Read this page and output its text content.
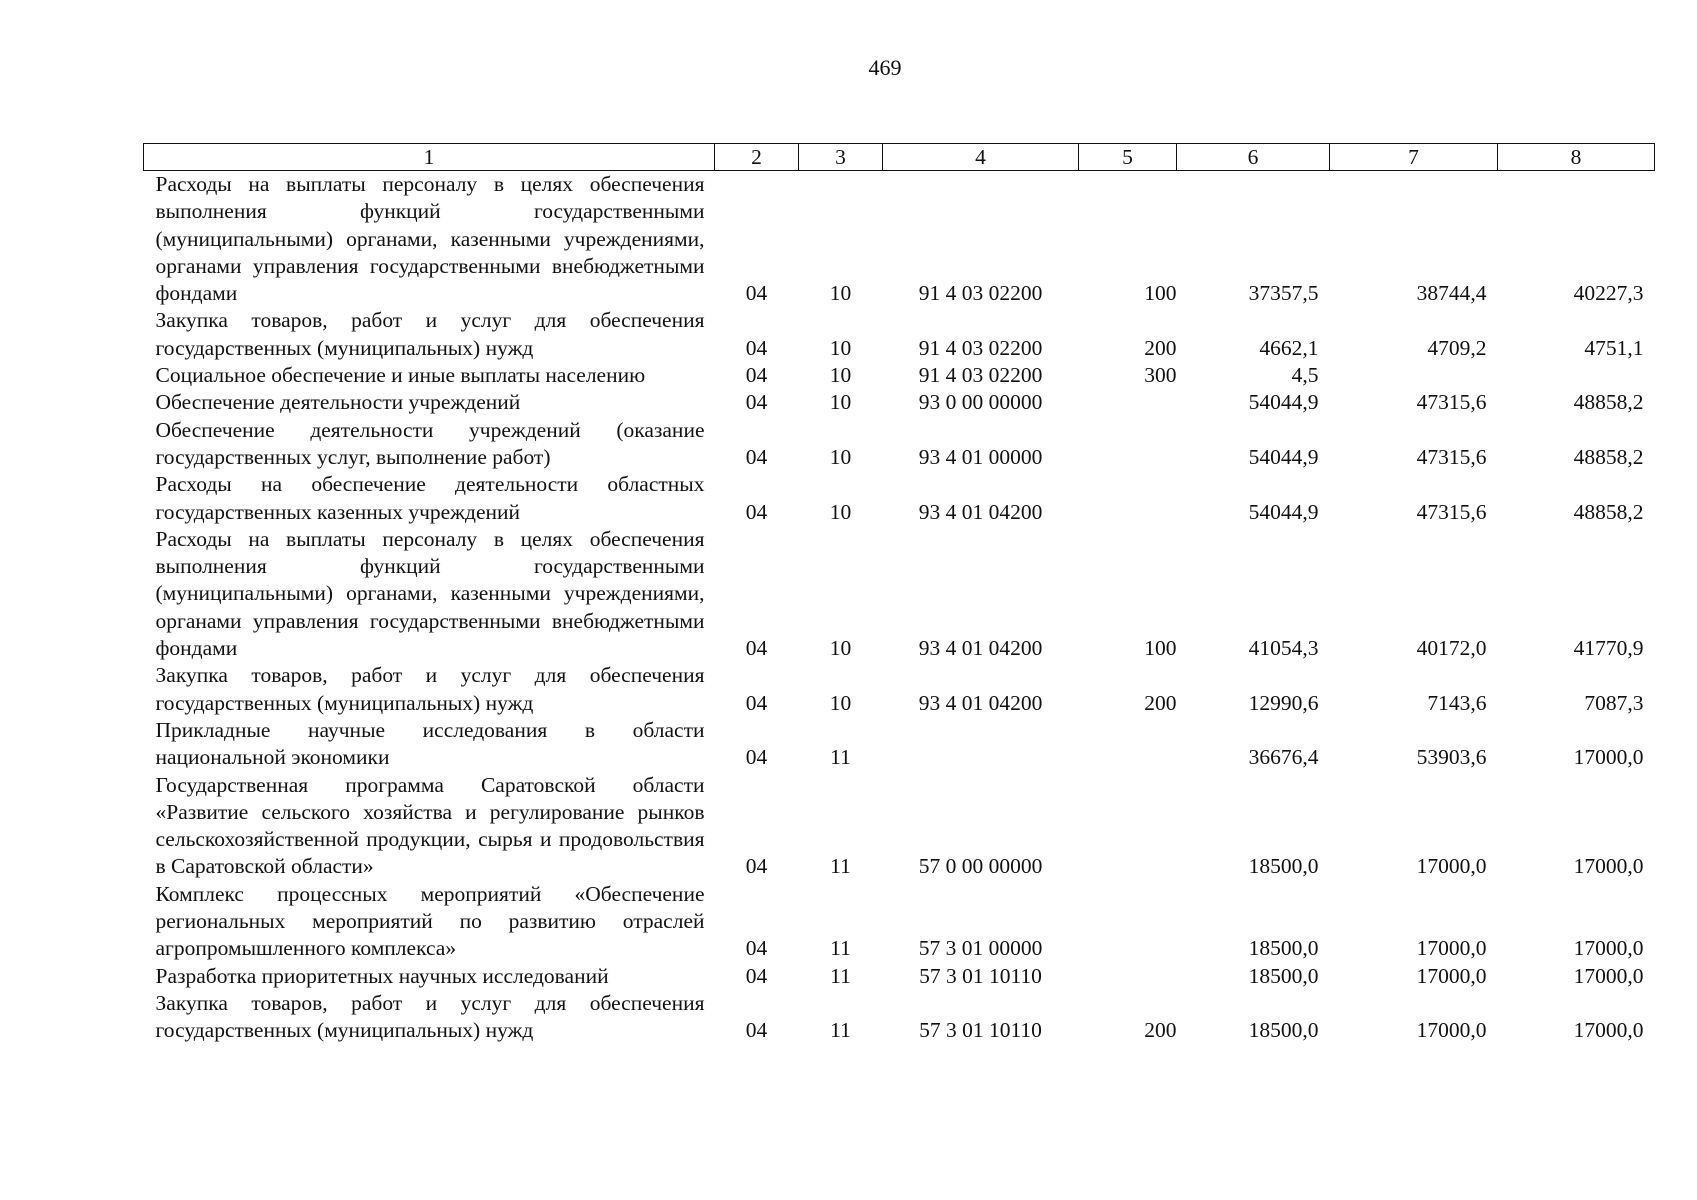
469
1	2	3	4	5	6	7	8
Расходы на выплаты персоналу в целях обеспечения выполнения функций государственными (муниципальными) органами, казенными учреждениями, органами управления государственными внебюджетными фондами	04	10	91 4 03 02200	100	37357,5	38744,4	40227,3
Закупка товаров, работ и услуг для обеспечения государственных (муниципальных) нужд	04	10	91 4 03 02200	200	4662,1	4709,2	4751,1
Социальное обеспечение и иные выплаты населению	04	10	91 4 03 02200	300	4,5		
Обеспечение деятельности учреждений	04	10	93 0 00 00000		54044,9	47315,6	48858,2
Обеспечение деятельности учреждений (оказание государственных услуг, выполнение работ)	04	10	93 4 01 00000		54044,9	47315,6	48858,2
Расходы на обеспечение деятельности областных государственных казенных учреждений	04	10	93 4 01 04200		54044,9	47315,6	48858,2
Расходы на выплаты персоналу в целях обеспечения выполнения функций государственными (муниципальными) органами, казенными учреждениями, органами управления государственными внебюджетными фондами	04	10	93 4 01 04200	100	41054,3	40172,0	41770,9
Закупка товаров, работ и услуг для обеспечения государственных (муниципальных) нужд	04	10	93 4 01 04200	200	12990,6	7143,6	7087,3
Прикладные научные исследования в области национальной экономики	04	11			36676,4	53903,6	17000,0
Государственная программа Саратовской области «Развитие сельского хозяйства и регулирование рынков сельскохозяйственной продукции, сырья и продовольствия в Саратовской области»	04	11	57 0 00 00000		18500,0	17000,0	17000,0
Комплекс процессных мероприятий «Обеспечение региональных мероприятий по развитию отраслей агропромышленного комплекса»	04	11	57 3 01 00000		18500,0	17000,0	17000,0
Разработка приоритетных научных исследований	04	11	57 3 01 10110		18500,0	17000,0	17000,0
Закупка товаров, работ и услуг для обеспечения государственных (муниципальных) нужд	04	11	57 3 01 10110	200	18500,0	17000,0	17000,0
